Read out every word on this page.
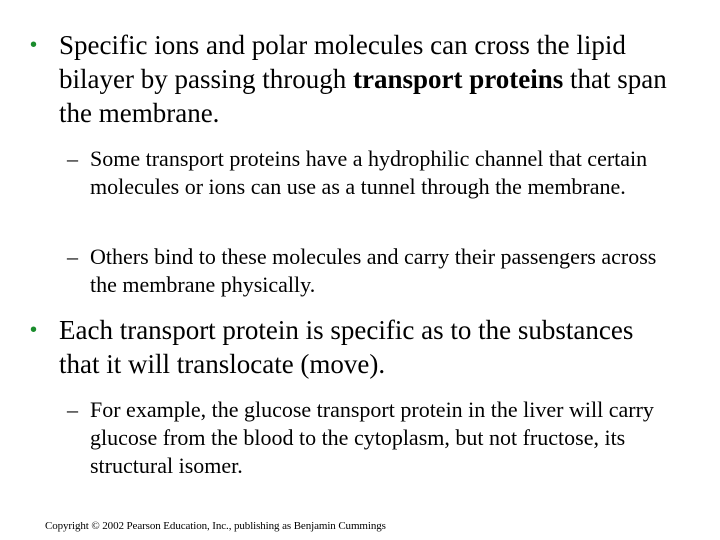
• Specific ions and polar molecules can cross the lipid bilayer by passing through transport proteins that span the membrane.
– Some transport proteins have a hydrophilic channel that certain molecules or ions can use as a tunnel through the membrane.
– Others bind to these molecules and carry their passengers across the membrane physically.
• Each transport protein is specific as to the substances that it will translocate (move).
– For example, the glucose transport protein in the liver will carry glucose from the blood to the cytoplasm, but not fructose, its structural isomer.
Copyright © 2002 Pearson Education, Inc., publishing as Benjamin Cummings
